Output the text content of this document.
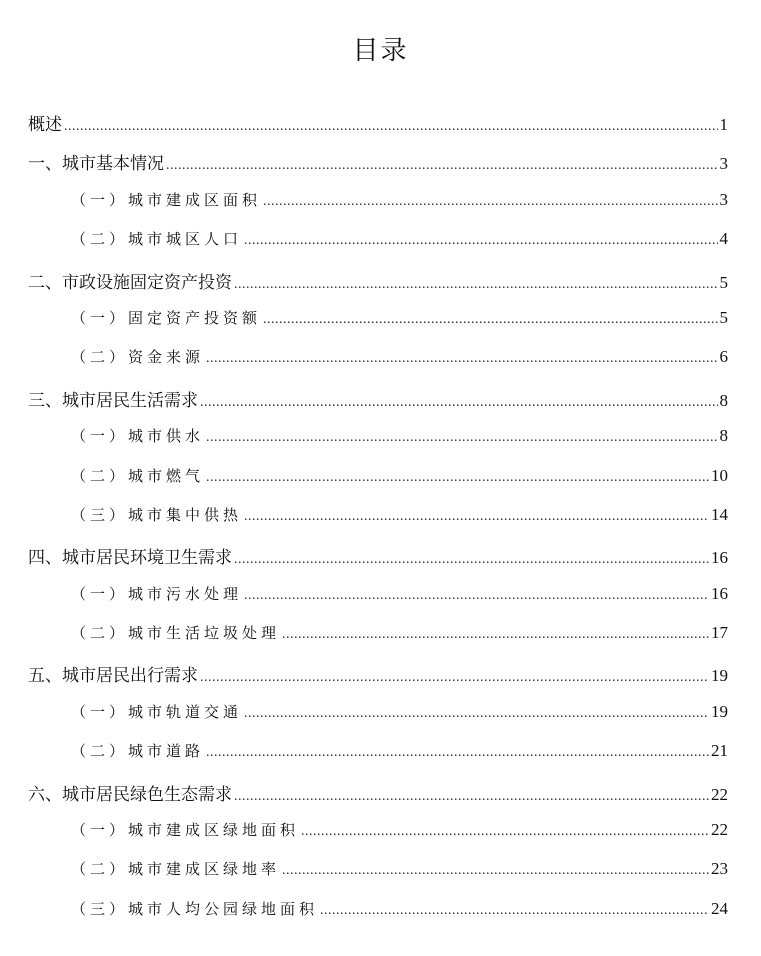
目录
概述 .....	1
一、城市基本情况 .....	3
（一）城市建成区面积 .....	3
（二）城市城区人口 .....	4
二、市政设施固定资产投资 .....	5
（一）固定资产投资额 .....	5
（二）资金来源 .....	6
三、城市居民生活需求 .....	8
（一）城市供水 .....	8
（二）城市燃气 .....	10
（三）城市集中供热 .....	14
四、城市居民环境卫生需求 .....	16
（一）城市污水处理 .....	16
（二）城市生活垃圾处理 .....	17
五、城市居民出行需求 .....	19
（一）城市轨道交通 .....	19
（二）城市道路 .....	21
六、城市居民绿色生态需求 .....	22
（一）城市建成区绿地面积 .....	22
（二）城市建成区绿地率 .....	23
（三）城市人均公园绿地面积 .....	24
